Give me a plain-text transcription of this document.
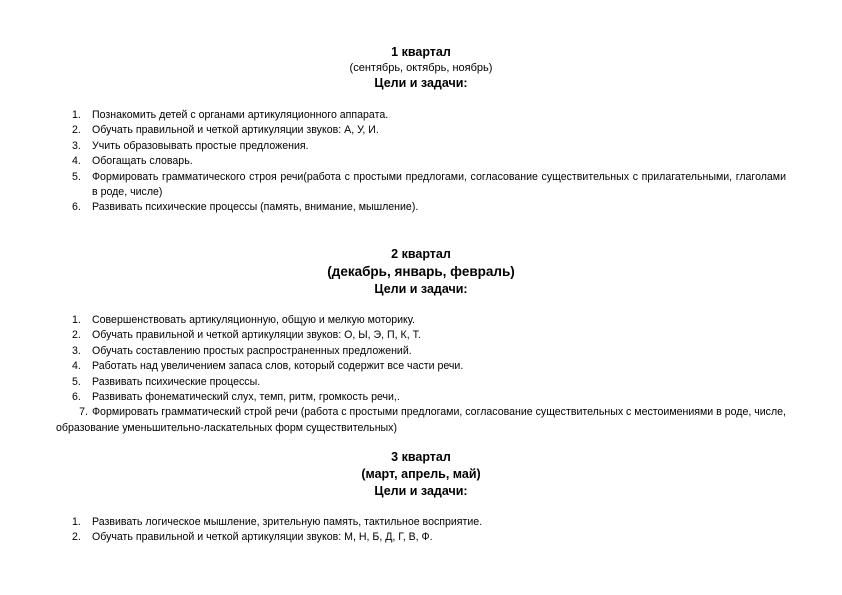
1 квартал
(сентябрь, октябрь, ноябрь)
Цели и задачи:
1. Познакомить детей с органами артикуляционного аппарата.
2. Обучать правильной и четкой артикуляции звуков: А, У, И.
3. Учить образовывать простые предложения.
4. Обогащать словарь.
5. Формировать грамматического строя речи(работа с простыми предлогами, согласование существительных с прилагательными, глаголами в роде, числе)
6. Развивать психические процессы (память, внимание, мышление).
2 квартал
(декабрь, январь, февраль)
Цели и задачи:
1. Совершенствовать артикуляционную, общую и мелкую моторику.
2. Обучать правильной и четкой артикуляции звуков: О, Ы, Э, П, К, Т.
3. Обучать составлению простых распространенных предложений.
4. Работать над увеличением запаса слов, который содержит все части речи.
5. Развивать психические процессы.
6. Развивать фонематический слух, темп, ритм, громкость речи,.
7. Формировать грамматический строй речи (работа с простыми предлогами, согласование существительных с местоимениями в роде, числе, образование уменьшительно-ласкательных форм существительных)
3 квартал
(март, апрель, май)
Цели и задачи:
1. Развивать логическое мышление, зрительную память, тактильное восприятие.
2. Обучать правильной и четкой артикуляции звуков: М, Н, Б, Д, Г, В, Ф.
